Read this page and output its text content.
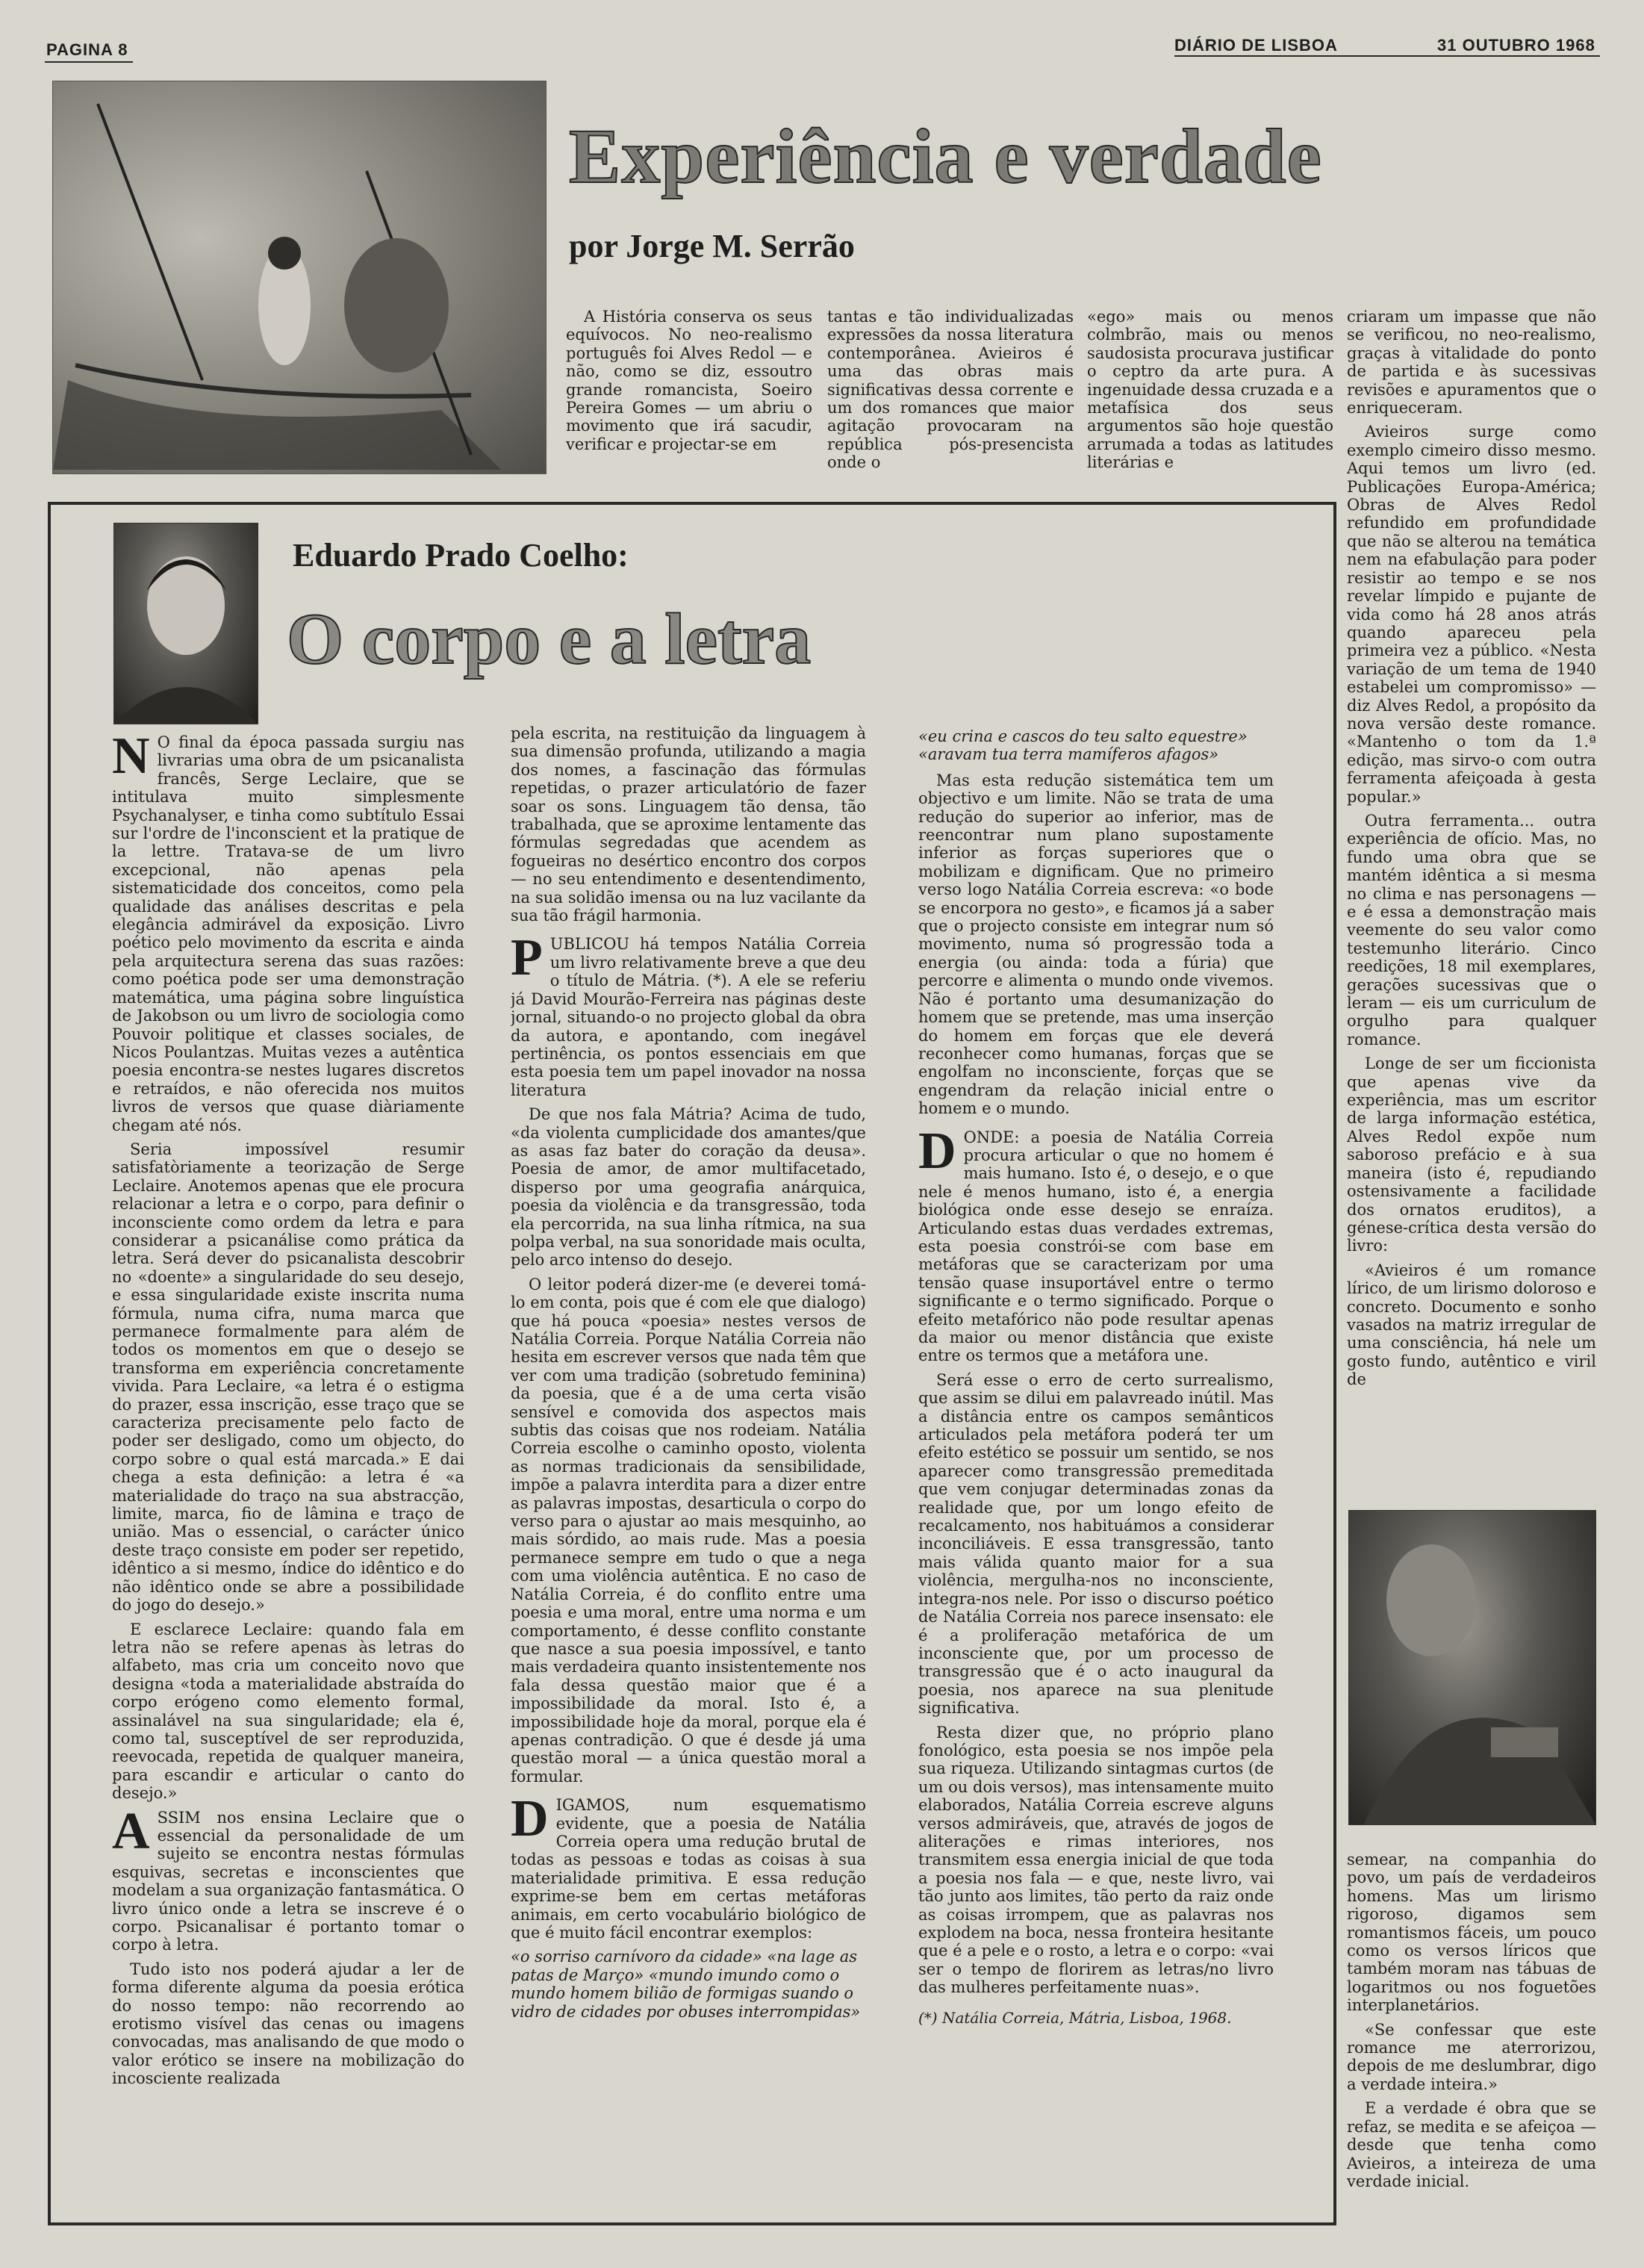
PAGINA 8	DIÁRIO DE LISBOA	31 OUTUBRO 1968
Experiência e verdade
por Jorge M. Serrão

A História conserva os seus equívocos. No neo-realismo português foi Alves Redol — e não, como se diz, essoutro grande romancista, Soeiro Pereira Gomes — um abriu o movimento que irá sacudir, verificar e projectar-se em

tantas e tão individualizadas expressões da nossa literatura contemporânea. Avieiros é uma das obras mais significativas dessa corrente e um dos romances que maior agitação provocaram na república pós-presencista onde o

«ego» mais ou menos colmbrão, mais ou menos saudosista procurava justificar o ceptro da arte pura. A ingenuidade dessa cruzada e a metafísica dos seus argumentos são hoje questão arrumada a todas as latitudes literárias e

criaram um impasse que não se verificou, no neo-realismo, graças à vitalidade do ponto de partida e às sucessivas revisões e apuramentos que o enriqueceram.

Avieiros surge como exemplo cimeiro disso mesmo. Aqui temos um livro (ed. Publicações Europa-América; Obras de Alves Redol refundido em profundidade que não se alterou na temática nem na efabulação para poder resistir ao tempo e se nos revelar límpido e pujante de vida como há 28 anos atrás quando apareceu pela primeira vez a público. «Nesta variação de um tema de 1940 estabelei um compromisso» — diz Alves Redol, a propósito da nova versão deste romance. «Mantenho o tom da 1.ª edição, mas sirvo-o com outra ferramenta afeiçoada à gesta popular.»

Outra ferramenta... outra experiência de ofício. Mas, no fundo uma obra que se mantém idêntica a si mesma no clima e nas personagens — e é essa a demonstração mais veemente do seu valor como testemunho literário. Cinco reedições, 18 mil exemplares, gerações sucessivas que o leram — eis um curriculum de orgulho para qualquer romance.

Longe de ser um ficcionista que apenas vive da experiência, mas um escritor de larga informação estética, Alves Redol expõe num saboroso prefácio e à sua maneira (isto é, repudiando ostensivamente a facilidade dos ornatos eruditos), a génese-crítica desta versão do livro:

«Avieiros é um romance lírico, de um lirismo doloroso e concreto. Documento e sonho vasados na matriz irregular de uma consciência, há nele um gosto fundo, autêntico e viril de

semear, na companhia do povo, um país de verdadeiros homens. Mas um lirismo rigoroso, digamos sem romantismos fáceis, um pouco como os versos líricos que também moram nas tábuas de logaritmos ou nos foguetões interplanetários.

«Se confessar que este romance me aterrorizou, depois de me deslumbrar, digo a verdade inteira.»

E a verdade é obra que se refaz, se medita e se afeiçoa — desde que tenha como Avieiros, a inteireza de uma verdade inicial.

Eduardo Prado Coelho:
O corpo e a letra

N O final da época passada surgiu nas livrarias uma obra de um psicanalista francês, Serge Leclaire, que se intitulava muito simplesmente Psychanalyser, e tinha como subtítulo Essai sur l'ordre de l'inconscient et la pratique de la lettre. Tratava-se de um livro excepcional, não apenas pela sistematicidade dos conceitos, como pela qualidade das análises descritas e pela elegância admirável da exposição. Livro poético pelo movimento da escrita e ainda pela arquitectura serena das suas razões: como poética pode ser uma demonstração matemática, uma página sobre linguística de Jakobson ou um livro de sociologia como Pouvoir politique et classes sociales, de Nicos Poulantzas. Muitas vezes a autêntica poesia encontra-se nestes lugares discretos e retraídos, e não oferecida nos muitos livros de versos que quase diàriamente chegam até nós.

Seria impossível resumir satisfatòriamente a teorização de Serge Leclaire. Anotemos apenas que ele procura relacionar a letra e o corpo, para definir o inconsciente como ordem da letra e para considerar a psicanálise como prática da letra. Será dever do psicanalista descobrir no «doente» a singularidade do seu desejo, e essa singularidade existe inscrita numa fórmula, numa cifra, numa marca que permanece formalmente para além de todos os momentos em que o desejo se transforma em experiência concretamente vivida. Para Leclaire, «a letra é o estigma do prazer, essa inscrição, esse traço que se caracteriza precisamente pelo facto de poder ser desligado, como um objecto, do corpo sobre o qual está marcada.» E dai chega a esta definição: a letra é «a materialidade do traço na sua abstracção, limite, marca, fio de lâmina e traço de união. Mas o essencial, o carácter único deste traço consiste em poder ser repetido, idêntico a si mesmo, índice do idêntico e do não idêntico onde se abre a possibilidade do jogo do desejo.»

E esclarece Leclaire: quando fala em letra não se refere apenas às letras do alfabeto, mas cria um conceito novo que designa «toda a materialidade abstraída do corpo erógeno como elemento formal, assinalável na sua singularidade; ela é, como tal, susceptível de ser reproduzida, reevocada, repetida de qualquer maneira, para escandir e articular o canto do desejo.»

ASSIM nos ensina Leclaire que o essencial da personalidade de um sujeito se encontra nestas fórmulas esquivas, secretas e inconscientes que modelam a sua organização fantasmática. O livro único onde a letra se inscreve é o corpo. Psicanalisar é portanto tomar o corpo à letra.

Tudo isto nos poderá ajudar a ler de forma diferente alguma da poesia erótica do nosso tempo: não recorrendo ao erotismo visível das cenas ou imagens convocadas, mas analisando de que modo o valor erótico se insere na mobilização do incosciente realizada

pela escrita, na restituição da linguagem à sua dimensão profunda, utilizando a magia dos nomes, a fascinação das fórmulas repetidas, o prazer articulatório de fazer soar os sons. Linguagem tão densa, tão trabalhada, que se aproxime lentamente das fórmulas segredadas que acendem as fogueiras no desértico encontro dos corpos — no seu entendimento e desentendimento, na sua solidão imensa ou na luz vacilante da sua tão frágil harmonia.

PUBLICOU há tempos Natália Correia um livro relativamente breve a que deu o título de Mátria. (*). A ele se referiu já David Mourão-Ferreira nas páginas deste jornal, situando-o no projecto global da obra da autora, e apontando, com inegável pertinência, os pontos essenciais em que esta poesia tem um papel inovador na nossa literatura

De que nos fala Mátria? Acima de tudo, «da violenta cumplicidade dos amantes/que as asas faz bater do coração da deusa». Poesia de amor, de amor multifacetado, disperso por uma geografia anárquica, poesia da violência e da transgressão, toda ela percorrida, na sua linha rítmica, na sua polpa verbal, na sua sonoridade mais oculta, pelo arco intenso do desejo.

O leitor poderá dizer-me (e deverei tomá-lo em conta, pois que é com ele que dialogo) que há pouca «poesia» nestes versos de Natália Correia. Porque Natália Correia não hesita em escrever versos que nada têm que ver com uma tradição (sobretudo feminina) da poesia, que é a de uma certa visão sensível e comovida dos aspectos mais subtis das coisas que nos rodeiam. Natália Correia escolhe o caminho oposto, violenta as normas tradicionais da sensibilidade, impõe a palavra interdita para a dizer entre as palavras impostas, desarticula o corpo do verso para o ajustar ao mais mesquinho, ao mais sórdido, ao mais rude. Mas a poesia permanece sempre em tudo o que a nega com uma violência autêntica. E no caso de Natália Correia, é do conflito entre uma poesia e uma moral, entre uma norma e um comportamento, é desse conflito constante que nasce a sua poesia impossível, e tanto mais verdadeira quanto insistentemente nos fala dessa questão maior que é a impossibilidade da moral. Isto é, a impossibilidade hoje da moral, porque ela é apenas contradição. O que é desde já uma questão moral — a única questão moral a formular.

DIGAMOS, num esquematismo evidente, que a poesia de Natália Correia opera uma redução brutal de todas as pessoas e todas as coisas à sua materialidade primitiva. E essa redução exprime-se bem em certas metáforas animais, em certo vocabulário biológico de que é muito fácil encontrar exemplos:

«o sorriso carnívoro da cidade» «na lage as patas de Março» «mundo imundo como o mundo homem bilião de formigas suando o vidro de cidades por obuses interrompidas»

«eu crina e cascos do teu salto equestre» «aravam tua terra mamíferos afagos»

Mas esta redução sistemática tem um objectivo e um limite. Não se trata de uma redução do superior ao inferior, mas de reencontrar num plano supostamente inferior as forças superiores que o mobilizam e dignificam. Que no primeiro verso logo Natália Correia escreva: «o bode se encorpora no gesto», e ficamos já a saber que o projecto consiste em integrar num só movimento, numa só progressão toda a energia (ou ainda: toda a fúria) que percorre e alimenta o mundo onde vivemos. Não é portanto uma desumanização do homem que se pretende, mas uma inserção do homem em forças que ele deverá reconhecer como humanas, forças que se engolfam no inconsciente, forças que se engendram da relação inicial entre o homem e o mundo.

DONDE: a poesia de Natália Correia procura articular o que no homem é mais humano. Isto é, o desejo, e o que nele é menos humano, isto é, a energia biológica onde esse desejo se enraíza. Articulando estas duas verdades extremas, esta poesia constrói-se com base em metáforas que se caracterizam por uma tensão quase insuportável entre o termo significante e o termo significado. Porque o efeito metafórico não pode resultar apenas da maior ou menor distância que existe entre os termos que a metáfora une.

Será esse o erro de certo surrealismo, que assim se dilui em palavreado inútil. Mas a distância entre os campos semânticos articulados pela metáfora poderá ter um efeito estético se possuir um sentido, se nos aparecer como transgressão premeditada que vem conjugar determinadas zonas da realidade que, por um longo efeito de recalcamento, nos habituámos a considerar inconciliáveis. E essa transgressão, tanto mais válida quanto maior for a sua violência, mergulha-nos no inconsciente, integra-nos nele. Por isso o discurso poético de Natália Correia nos parece insensato: ele é a proliferação metafórica de um inconsciente que, por um processo de transgressão que é o acto inaugural da poesia, nos aparece na sua plenitude significativa.

Resta dizer que, no próprio plano fonológico, esta poesia se nos impõe pela sua riqueza. Utilizando sintagmas curtos (de um ou dois versos), mas intensamente muito elaborados, Natália Correia escreve alguns versos admiráveis, que, através de jogos de aliterações e rimas interiores, nos transmitem essa energia inicial de que toda a poesia nos fala — e que, neste livro, vai tão junto aos limites, tão perto da raiz onde as coisas irrompem, que as palavras nos explodem na boca, nessa fronteira hesitante que é a pele e o rosto, a letra e o corpo: «vai ser o tempo de florirem as letras/no livro das mulheres perfeitamente nuas».

(*) Natália Correia, Mátria, Lisboa, 1968.
